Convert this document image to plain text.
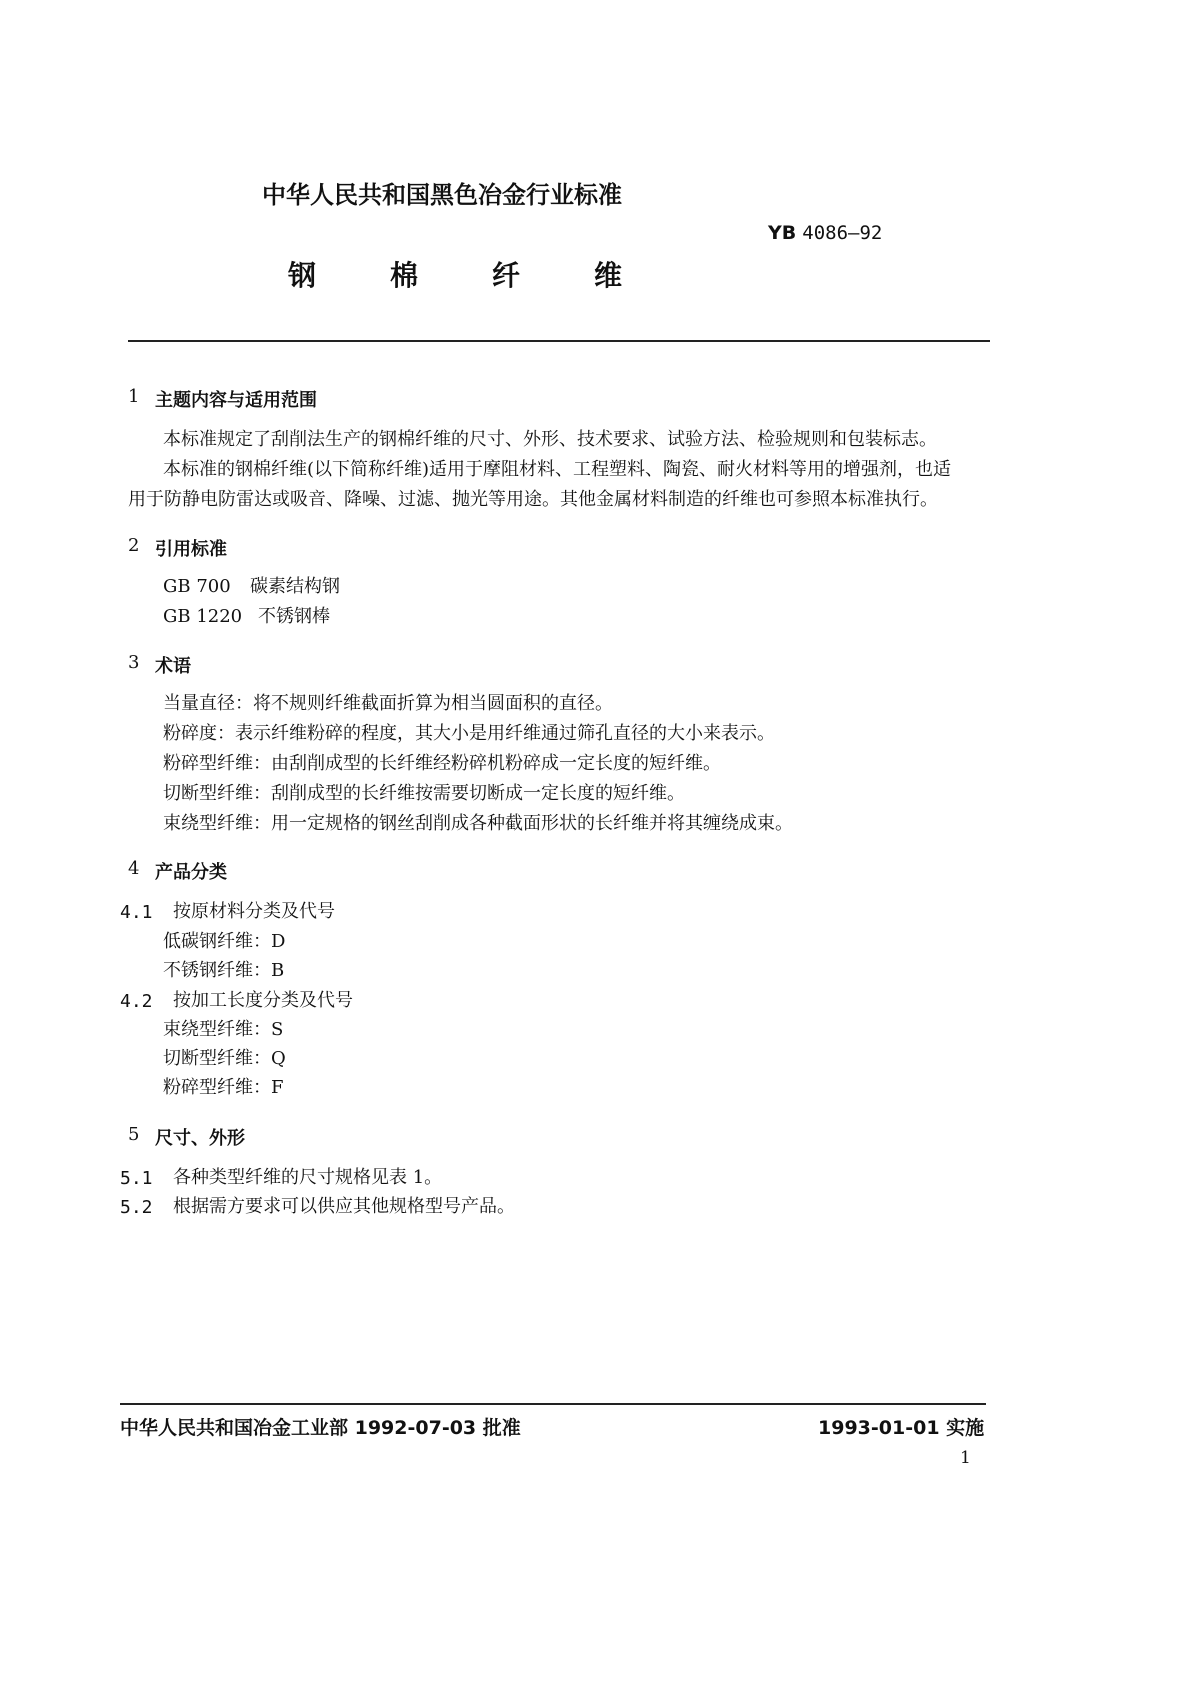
中华人民共和国黑色冶金行业标准
YB 4086—92
钢	棉	纤	维
1 主题内容与适用范围
本标准规定了刮削法生产的钢棉纤维的尺寸、外形、技术要求、试验方法、检验规则和包装标志。
本标准的钢棉纤维(以下简称纤维)适用于摩阻材料、工程塑料、陶瓷、耐火材料等用的增强剂，也适
用于防静电防雷达或吸音、降噪、过滤、抛光等用途。其他金属材料制造的纤维也可参照本标准执行。
2 引用标准
GB 700 碳素结构钢
GB 1220 不锈钢棒
3 术语
当量直径：将不规则纤维截面折算为相当圆面积的直径。
粉碎度：表示纤维粉碎的程度，其大小是用纤维通过筛孔直径的大小来表示。
粉碎型纤维：由刮削成型的长纤维经粉碎机粉碎成一定长度的短纤维。
切断型纤维：刮削成型的长纤维按需要切断成一定长度的短纤维。
束绕型纤维：用一定规格的钢丝刮削成各种截面形状的长纤维并将其缠绕成束。
4 产品分类
4.1 按原材料分类及代号
低碳钢纤维：D
不锈钢纤维：B
4.2 按加工长度分类及代号
束绕型纤维：S
切断型纤维：Q
粉碎型纤维：F
5 尺寸、外形
5.1 各种类型纤维的尺寸规格见表 1。
5.2 根据需方要求可以供应其他规格型号产品。
中华人民共和国冶金工业部 1992-07-03 批准	1993-01-01 实施
1
